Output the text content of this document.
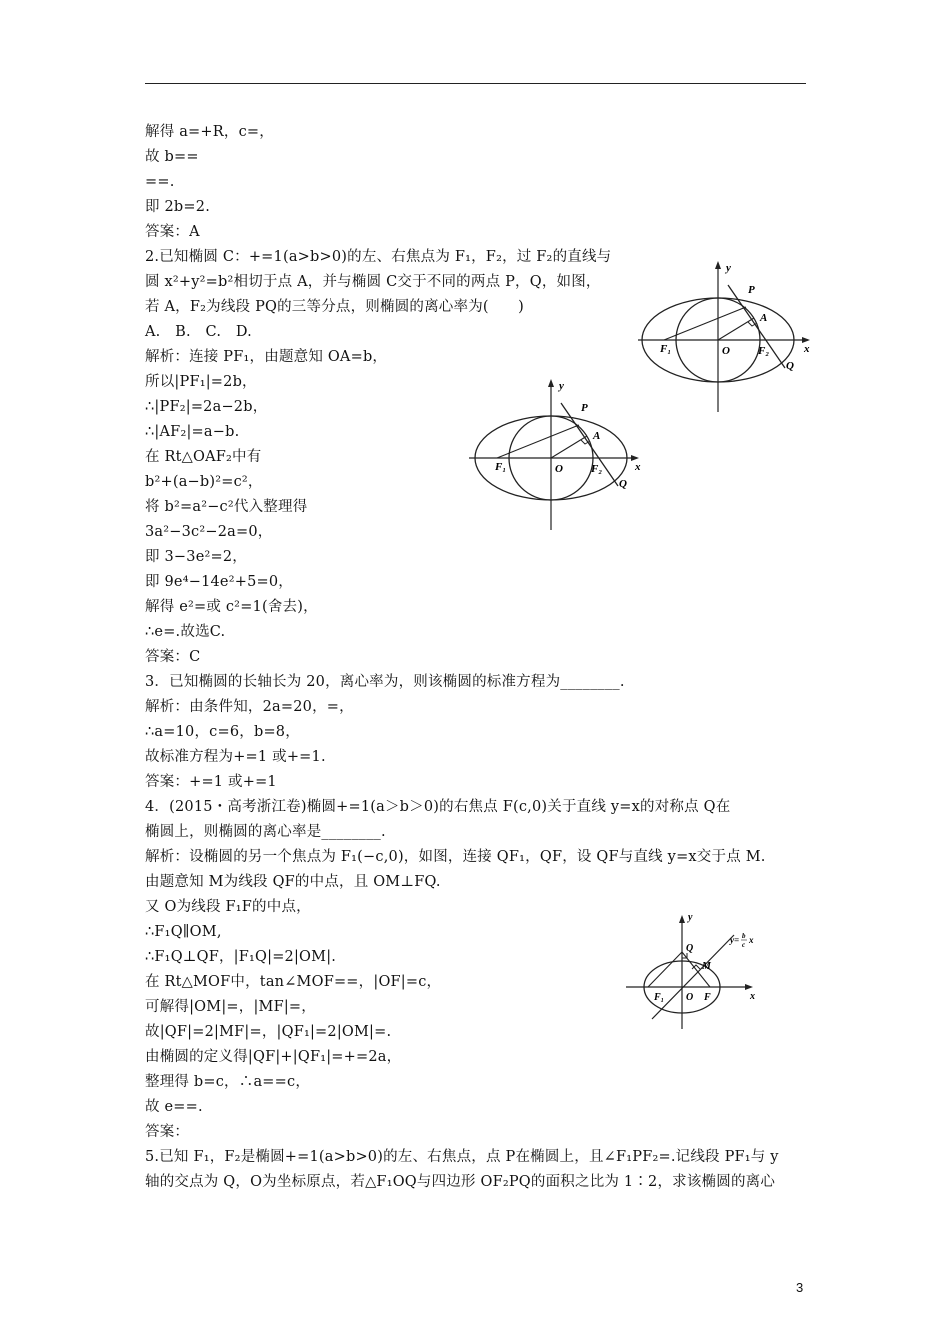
解得 a=+R，c=，
故 b==
==.
即 2b=2.
答案：A
2.已知椭圆 C：+=1(a>b>0)的左、右焦点为 F₁，F₂，过 F₂的直线与
圆 x²+y²=b²相切于点 A，并与椭圆 C交于不同的两点 P，Q，如图，
若 A，F₂为线段 PQ的三等分点，则椭圆的离心率为(　　)
A.　B.　C.　D.
解析：连接 PF₁，由题意知 OA=b，
所以|PF₁|=2b，
∴|PF₂|=2a−2b，
∴|AF₂|=a−b.
在 Rt△OAF₂中有
b²+(a−b)²=c²，
将 b²=a²−c²代入整理得
3a²−3c²−2a=0，
即 3−3e²=2，
即 9e⁴−14e²+5=0，
解得 e²=或 c²=1(舍去)，
∴e=.故选C.
答案：C
3．已知椭圆的长轴长为 20，离心率为，则该椭圆的标准方程为________.
解析：由条件知，2a=20，=，
∴a=10，c=6，b=8，
故标准方程为+=1 或+=1.
答案：+=1 或+=1
4．(2015・高考浙江卷)椭圆+=1(a＞b＞0)的右焦点 F(c,0)关于直线 y=x的对称点 Q在
椭圆上，则椭圆的离心率是________.
解析：设椭圆的另一个焦点为 F₁(−c,0)，如图，连接 QF₁，QF，设 QF与直线 y=x交于点 M.
由题意知 M为线段 QF的中点，且 OM⊥FQ.
又 O为线段 F₁F的中点，
∴F₁Q∥OM,
∴F₁Q⊥QF，|F₁Q|=2|OM|.
在 Rt△MOF中，tan∠MOF==，|OF|=c，
可解得|OM|=，|MF|=，
故|QF|=2|MF|=，|QF₁|=2|OM|=.
由椭圆的定义得|QF|+|QF₁|=+=2a，
整理得 b=c，∴a==c，
故 e==.
答案：
5.已知 F₁，F₂是椭圆+=1(a>b>0)的左、右焦点，点 P在椭圆上，且∠F₁PF₂=.记线段 PF₁与 y
轴的交点为 Q，O为坐标原点，若△F₁OQ与四边形 OF₂PQ的面积之比为 1∶2，求该椭圆的离心
y
x
P
A
F₁	O	F₂
Q
y
x
P
A
F₁	O	F₂
Q
y
x
Q
M
F₁ O F
y= b
c x
3
